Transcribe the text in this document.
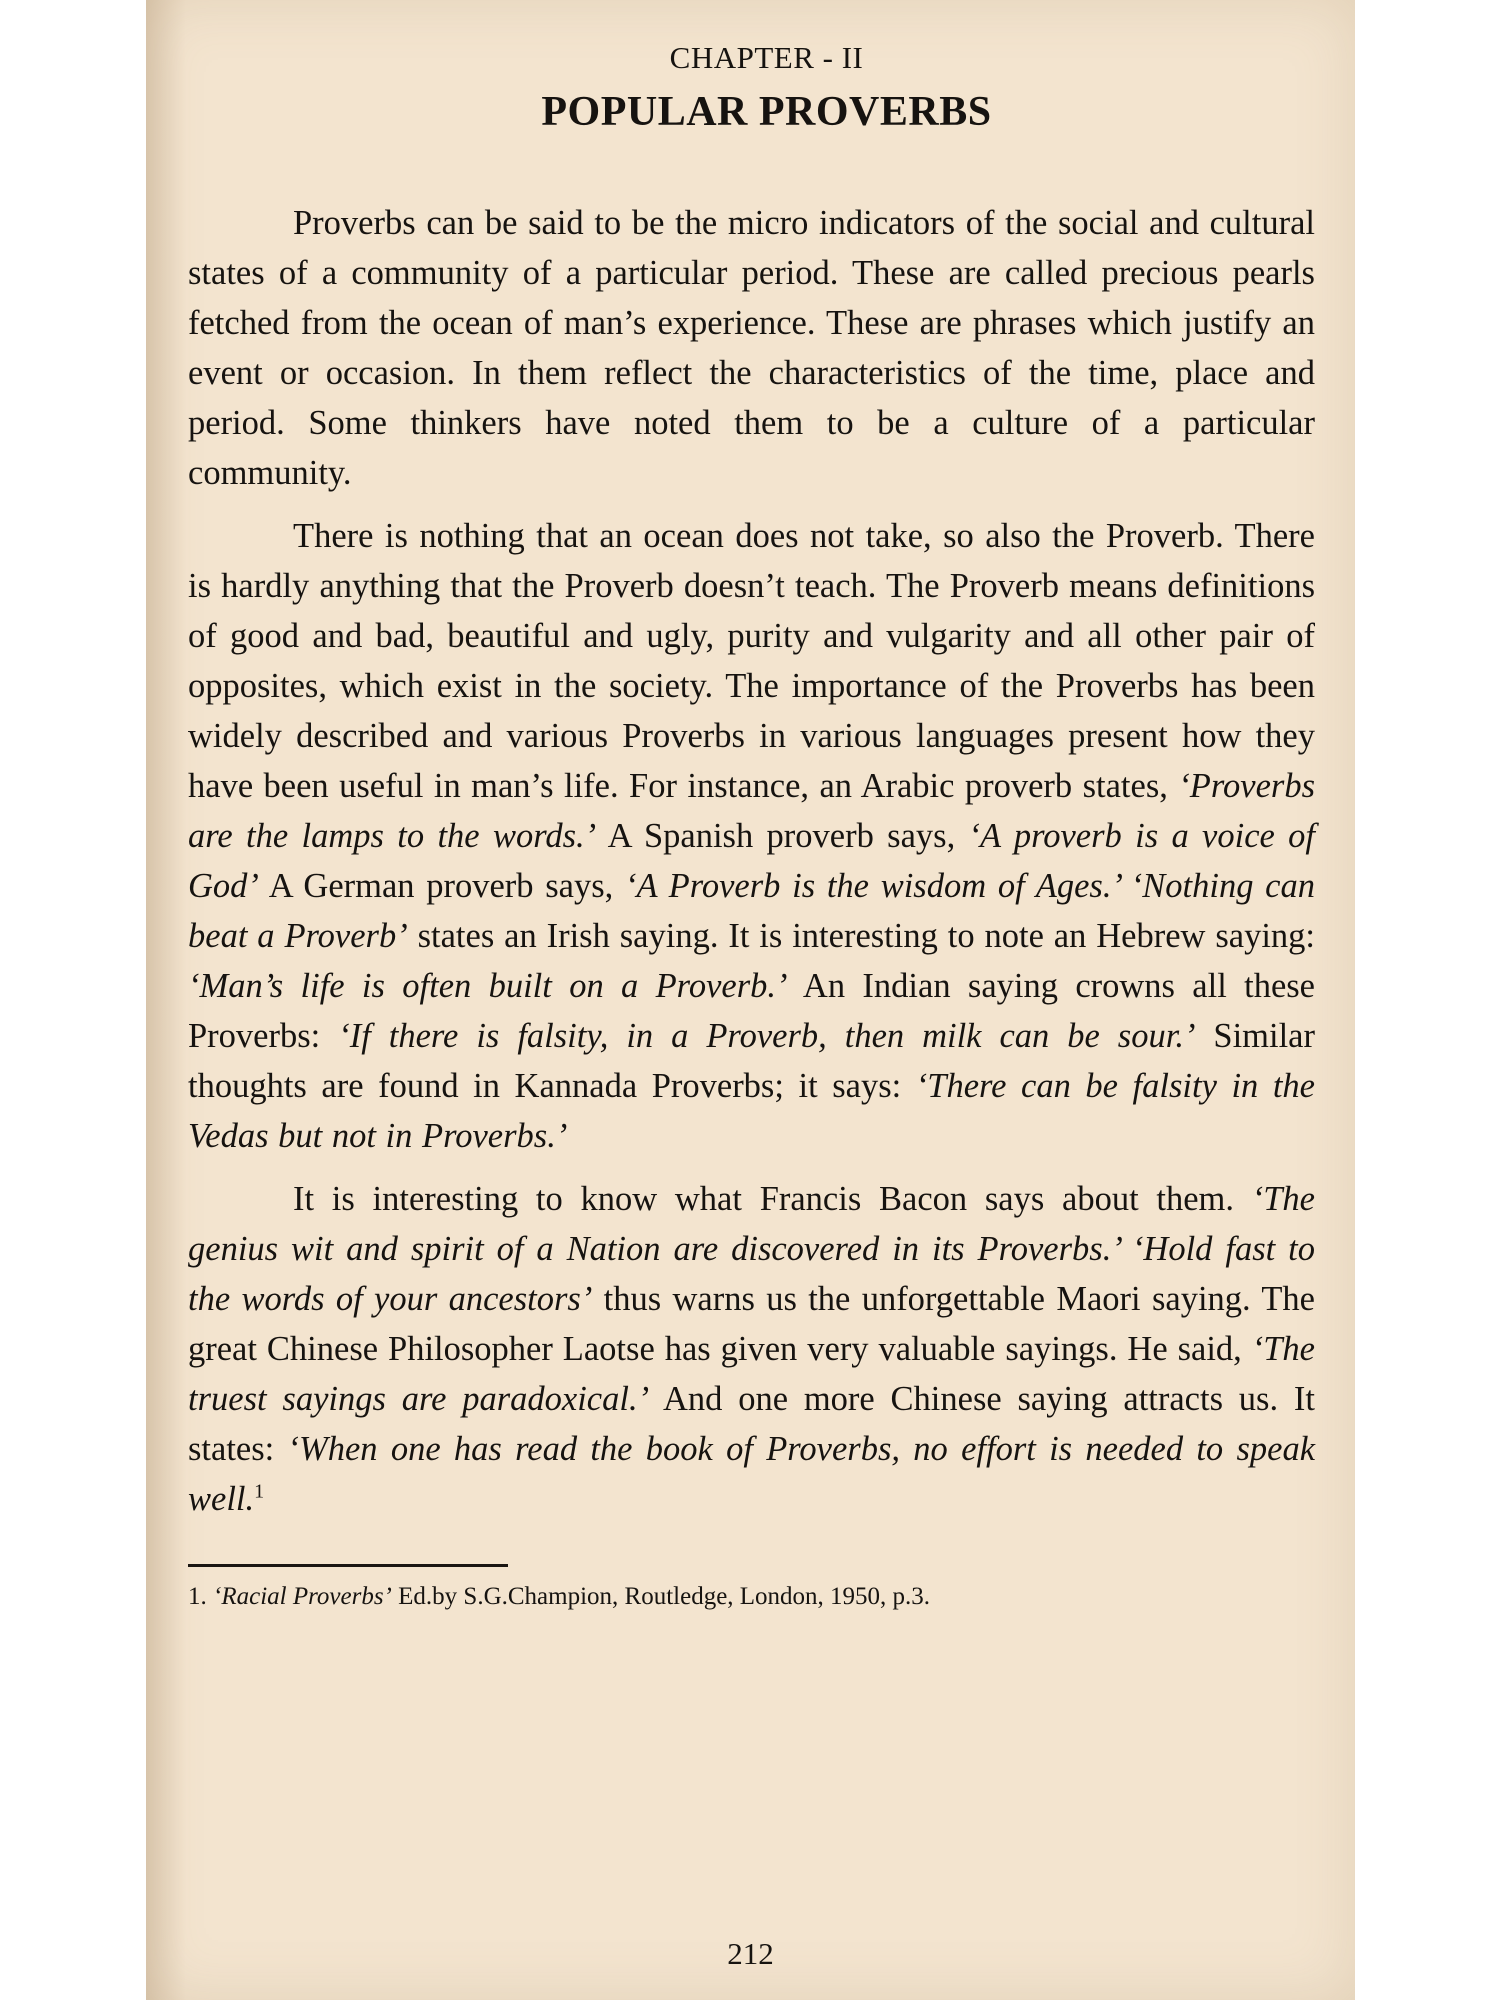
CHAPTER - II

POPULAR PROVERBS

Proverbs can be said to be the micro indicators of the social and cultural states of a community of a particular period. These are called precious pearls fetched from the ocean of man’s experience. These are phrases which justify an event or occasion. In them reflect the characteristics of the time, place and period. Some thinkers have noted them to be a culture of a particular community.

There is nothing that an ocean does not take, so also the Proverb. There is hardly anything that the Proverb doesn’t teach. The Proverb means definitions of good and bad, beautiful and ugly, purity and vulgarity and all other pair of opposites, which exist in the society. The importance of the Proverbs has been widely described and various Proverbs in various languages present how they have been useful in man’s life. For instance, an Arabic proverb states, ‘Proverbs are the lamps to the words.’ A Spanish proverb says, ‘A proverb is a voice of God’ A German proverb says, ‘A Proverb is the wisdom of Ages.’ ‘Nothing can beat a Proverb’ states an Irish saying. It is interesting to note an Hebrew saying: ‘Man’s life is often built on a Proverb.’ An Indian saying crowns all these Proverbs: ‘If there is falsity, in a Proverb, then milk can be sour.’ Similar thoughts are found in Kannada Proverbs; it says: ‘There can be falsity in the Vedas but not in Proverbs.’

It is interesting to know what Francis Bacon says about them. ‘The genius wit and spirit of a Nation are discovered in its Proverbs.’ ‘Hold fast to the words of your ancestors’ thus warns us the unforgettable Maori saying. The great Chinese Philosopher Laotse has given very valuable sayings. He said, ‘The truest sayings are paradoxical.’ And one more Chinese saying attracts us. It states: ‘When one has read the book of Proverbs, no effort is needed to speak well.$^1$

1. ‘Racial Proverbs’ Ed.by S.G.Champion, Routledge, London, 1950, p.3.

212
